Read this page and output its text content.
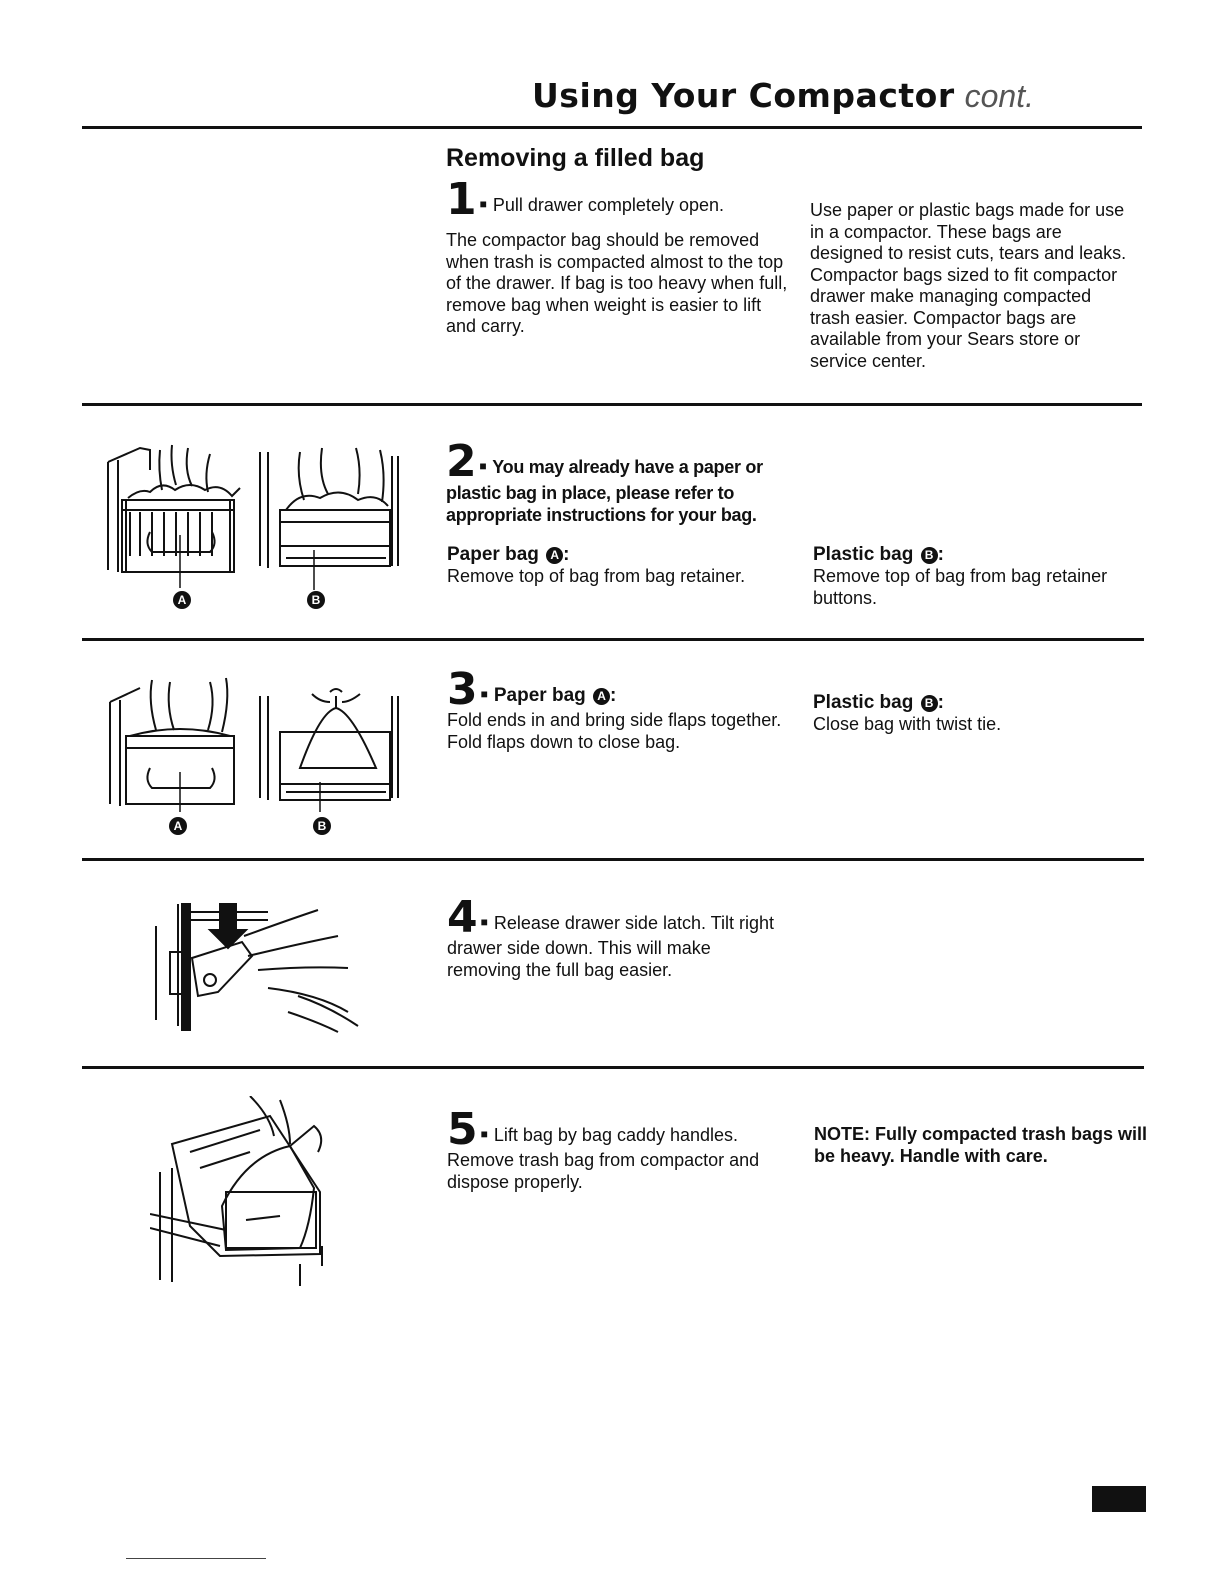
Using Your Compactor cont.
Removing a filled bag
1 ■ Pull drawer completely open.
The compactor bag should be removed when trash is compacted almost to the top of the drawer. If bag is too heavy when full, remove bag when weight is easier to lift and carry.
Use paper or plastic bags made for use in a compactor. These bags are designed to resist cuts, tears and leaks. Compactor bags sized to fit compactor drawer make managing compacted trash easier. Compactor bags are available from your Sears store or service center.
A	B
2 ■ You may already have a paper or plastic bag in place, please refer to appropriate instructions for your bag.
Paper bag A :
Remove top of bag from bag retainer.
Plastic bag B :
Remove top of bag from bag retainer buttons.
A	B
3 ■ Paper bag A :
Fold ends in and bring side flaps together. Fold flaps down to close bag.
Plastic bag B :
Close bag with twist tie.
4 ■ Release drawer side latch. Tilt right drawer side down. This will make removing the full bag easier.
5 ■ Lift bag by bag caddy handles. Remove trash bag from compactor and dispose properly.
NOTE: Fully compacted trash bags will be heavy. Handle with care.
